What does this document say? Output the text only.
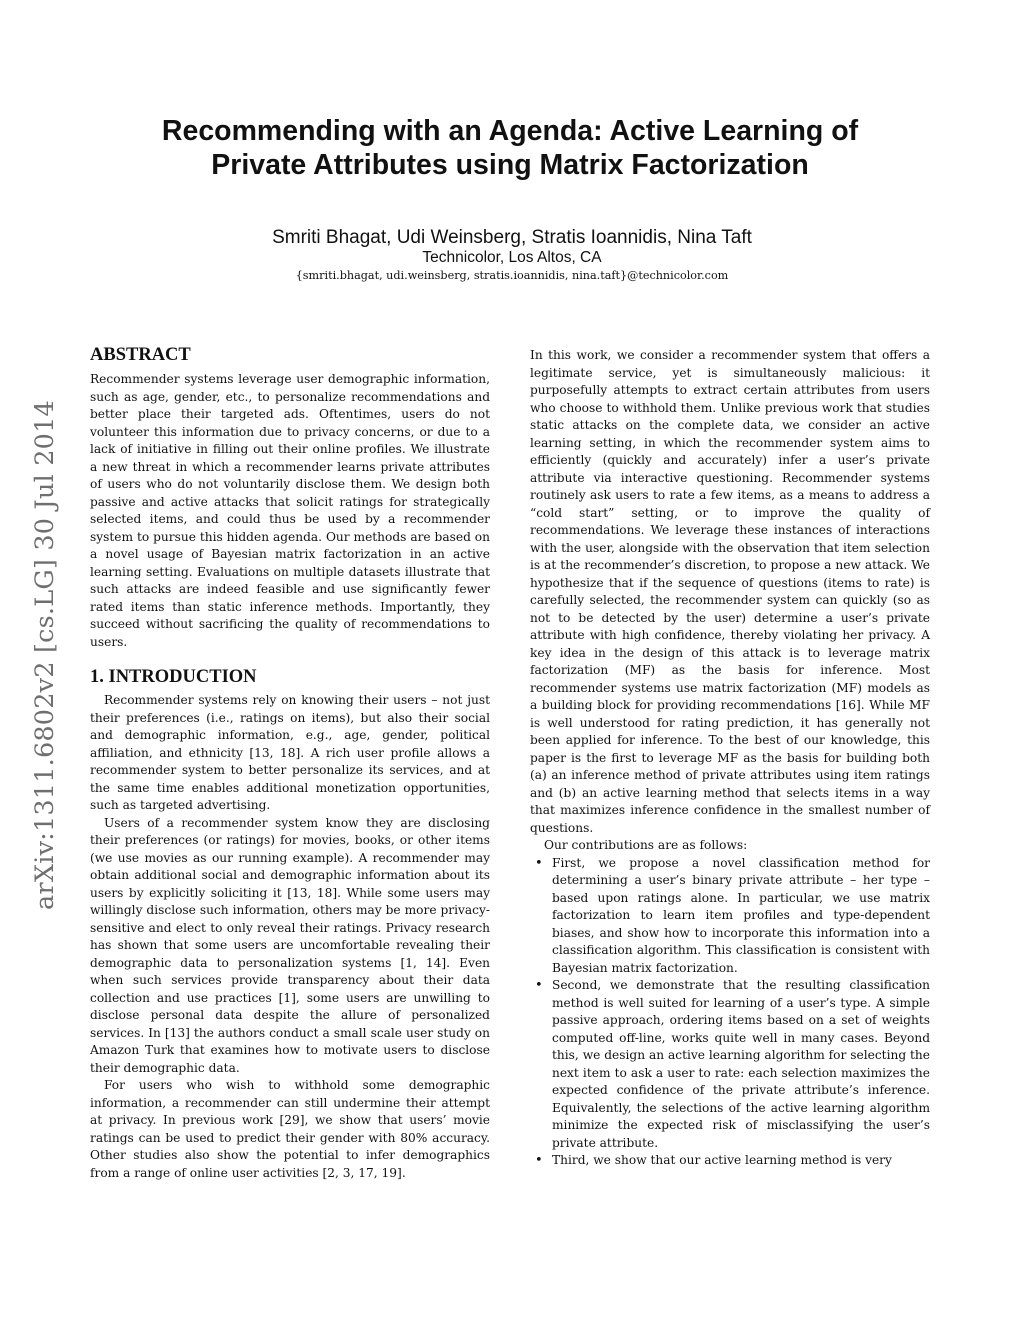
arXiv:1311.6802v2 [cs.LG] 30 Jul 2014
Recommending with an Agenda: Active Learning of
Private Attributes using Matrix Factorization
Smriti Bhagat, Udi Weinsberg, Stratis Ioannidis, Nina Taft
Technicolor, Los Altos, CA
{smriti.bhagat, udi.weinsberg, stratis.ioannidis, nina.taft}@technicolor.com
ABSTRACT

Recommender systems leverage user demographic information, such as age, gender, etc., to personalize recommendations and better place their targeted ads. Oftentimes, users do not volunteer this information due to privacy concerns, or due to a lack of initiative in filling out their online profiles. We illustrate a new threat in which a recommender learns private attributes of users who do not voluntarily disclose them. We design both passive and active attacks that solicit ratings for strategically selected items, and could thus be used by a recommender system to pursue this hidden agenda. Our methods are based on a novel usage of Bayesian matrix factorization in an active learning setting. Evaluations on multiple datasets illustrate that such attacks are indeed feasible and use significantly fewer rated items than static inference methods. Importantly, they succeed without sacrificing the quality of recommendations to users.

1. INTRODUCTION

Recommender systems rely on knowing their users – not just their preferences (i.e., ratings on items), but also their social and demographic information, e.g., age, gender, political affiliation, and ethnicity [13, 18]. A rich user profile allows a recommender system to better personalize its services, and at the same time enables additional monetization opportunities, such as targeted advertising.

Users of a recommender system know they are disclosing their preferences (or ratings) for movies, books, or other items (we use movies as our running example). A recommender may obtain additional social and demographic information about its users by explicitly soliciting it [13, 18]. While some users may willingly disclose such information, others may be more privacy-sensitive and elect to only reveal their ratings. Privacy research has shown that some users are uncomfortable revealing their demographic data to personalization systems [1, 14]. Even when such services provide transparency about their data collection and use practices [1], some users are unwilling to disclose personal data despite the allure of personalized services. In [13] the authors conduct a small scale user study on Amazon Turk that examines how to motivate users to disclose their demographic data.

For users who wish to withhold some demographic information, a recommender can still undermine their attempt at privacy. In previous work [29], we show that users’ movie ratings can be used to predict their gender with 80% accuracy. Other studies also show the potential to infer demographics from a range of online user activities [2, 3, 17, 19].

In this work, we consider a recommender system that offers a legitimate service, yet is simultaneously malicious: it purposefully attempts to extract certain attributes from users who choose to withhold them. Unlike previous work that studies static attacks on the complete data, we consider an active learning setting, in which the recommender system aims to efficiently (quickly and accurately) infer a user’s private attribute via interactive questioning. Recommender systems routinely ask users to rate a few items, as a means to address a “cold start” setting, or to improve the quality of recommendations. We leverage these instances of interactions with the user, alongside with the observation that item selection is at the recommender’s discretion, to propose a new attack. We hypothesize that if the sequence of questions (items to rate) is carefully selected, the recommender system can quickly (so as not to be detected by the user) determine a user’s private attribute with high confidence, thereby violating her privacy. A key idea in the design of this attack is to leverage matrix factorization (MF) as the basis for inference. Most recommender systems use matrix factorization (MF) models as a building block for providing recommendations [16]. While MF is well understood for rating prediction, it has generally not been applied for inference. To the best of our knowledge, this paper is the first to leverage MF as the basis for building both (a) an inference method of private attributes using item ratings and (b) an active learning method that selects items in a way that maximizes inference confidence in the smallest number of questions.

Our contributions are as follows:

• First, we propose a novel classification method for determining a user’s binary private attribute – her type – based upon ratings alone. In particular, we use matrix factorization to learn item profiles and type-dependent biases, and show how to incorporate this information into a classification algorithm. This classification is consistent with Bayesian matrix factorization.
• Second, we demonstrate that the resulting classification method is well suited for learning of a user’s type. A simple passive approach, ordering items based on a set of weights computed off-line, works quite well in many cases. Beyond this, we design an active learning algorithm for selecting the next item to ask a user to rate: each selection maximizes the expected confidence of the private attribute’s inference. Equivalently, the selections of the active learning algorithm minimize the expected risk of misclassifying the user’s private attribute.
• Third, we show that our active learning method is very
